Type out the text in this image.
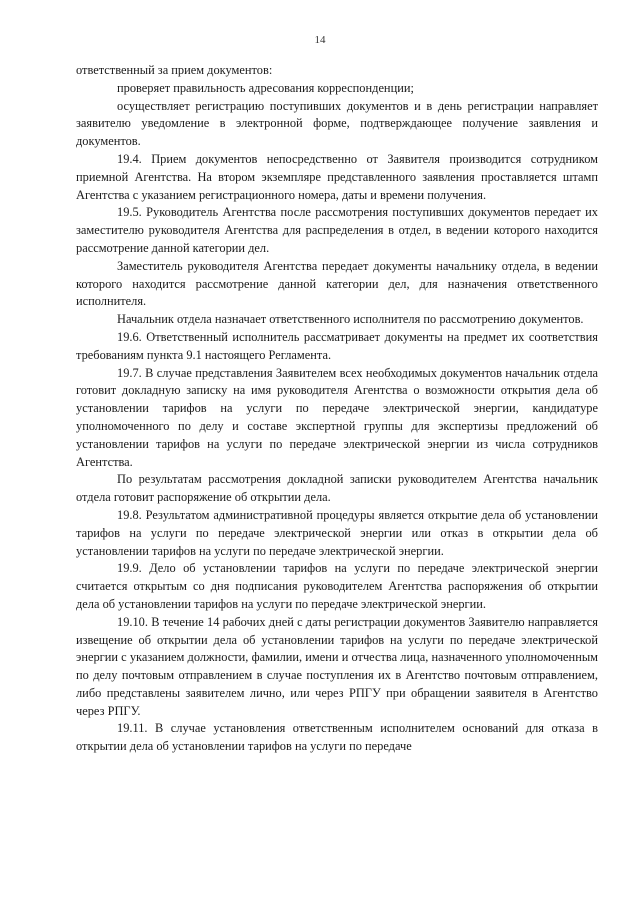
14

ответственный за прием документов:

проверяет правильность адресования корреспонденции;

осуществляет регистрацию поступивших документов и в день регистрации направляет заявителю уведомление в электронной форме, подтверждающее получение заявления и документов.

19.4. Прием документов непосредственно от Заявителя производится сотрудником приемной Агентства. На втором экземпляре представленного заявления проставляется штамп Агентства с указанием регистрационного номера, даты и времени получения.

19.5. Руководитель Агентства после рассмотрения поступивших документов передает их заместителю руководителя Агентства для распределения в отдел, в ведении которого находится рассмотрение данной категории дел.

Заместитель руководителя Агентства передает документы начальнику отдела, в ведении которого находится рассмотрение данной категории дел, для назначения ответственного исполнителя.

Начальник отдела назначает ответственного исполнителя по рассмотрению документов.

19.6. Ответственный исполнитель рассматривает документы на предмет их соответствия требованиям пункта 9.1 настоящего Регламента.

19.7. В случае представления Заявителем всех необходимых документов начальник отдела готовит докладную записку на имя руководителя Агентства о возможности открытия дела об установлении тарифов на услуги по передаче электрической энергии, кандидатуре уполномоченного по делу и составе экспертной группы для экспертизы предложений об установлении тарифов на услуги по передаче электрической энергии из числа сотрудников Агентства.

По результатам рассмотрения докладной записки руководителем Агентства начальник отдела готовит распоряжение об открытии дела.

19.8. Результатом административной процедуры является открытие дела об установлении тарифов на услуги по передаче электрической энергии или отказ в открытии дела об установлении тарифов на услуги по передаче электрической энергии.

19.9. Дело об установлении тарифов на услуги по передаче электрической энергии считается открытым со дня подписания руководителем Агентства распоряжения об открытии дела об установлении тарифов на услуги по передаче электрической энергии.

19.10. В течение 14 рабочих дней с даты регистрации документов Заявителю направляется извещение об открытии дела об установлении тарифов на услуги по передаче электрической энергии с указанием должности, фамилии, имени и отчества лица, назначенного уполномоченным по делу почтовым отправлением в случае поступления их в Агентство почтовым отправлением, либо представлены заявителем лично, или через РПГУ при обращении заявителя в Агентство через РПГУ.

19.11. В случае установления ответственным исполнителем оснований для отказа в открытии дела об установлении тарифов на услуги по передаче
